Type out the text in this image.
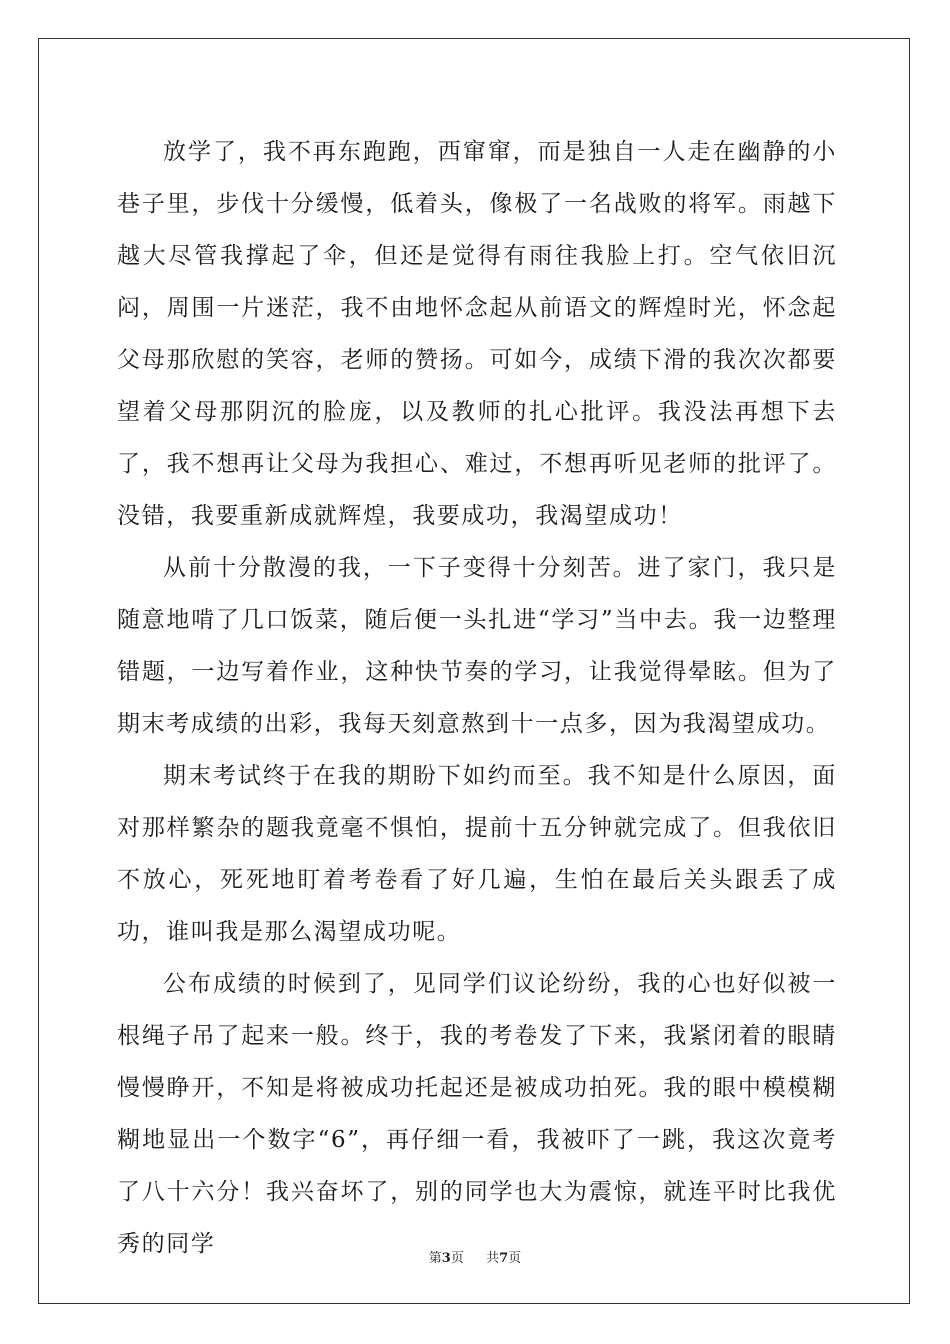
放学了，我不再东跑跑，西窜窜，而是独自一人走在幽静的小巷子里，步伐十分缓慢，低着头，像极了一名战败的将军。雨越下越大尽管我撑起了伞，但还是觉得有雨往我脸上打。空气依旧沉闷，周围一片迷茫，我不由地怀念起从前语文的辉煌时光，怀念起父母那欣慰的笑容，老师的赞扬。可如今，成绩下滑的我次次都要望着父母那阴沉的脸庞，以及教师的扎心批评。我没法再想下去了，我不想再让父母为我担心、难过，不想再听见老师的批评了。没错，我要重新成就辉煌，我要成功，我渴望成功！

从前十分散漫的我，一下子变得十分刻苦。进了家门，我只是随意地啃了几口饭菜，随后便一头扎进“学习”当中去。我一边整理错题，一边写着作业，这种快节奏的学习，让我觉得晕眩。但为了期末考成绩的出彩，我每天刻意熬到十一点多，因为我渴望成功。

期末考试终于在我的期盼下如约而至。我不知是什么原因，面对那样繁杂的题我竟毫不惧怕，提前十五分钟就完成了。但我依旧不放心，死死地盯着考卷看了好几遍，生怕在最后关头跟丢了成功，谁叫我是那么渴望成功呢。

公布成绩的时候到了，见同学们议论纷纷，我的心也好似被一根绳子吊了起来一般。终于，我的考卷发了下来，我紧闭着的眼睛慢慢睁开，不知是将被成功托起还是被成功拍死。我的眼中模模糊糊地显出一个数字“6”，再仔细一看，我被吓了一跳，我这次竟考了八十六分！我兴奋坏了，别的同学也大为震惊，就连平时比我优秀的同学

第3页 共7页
